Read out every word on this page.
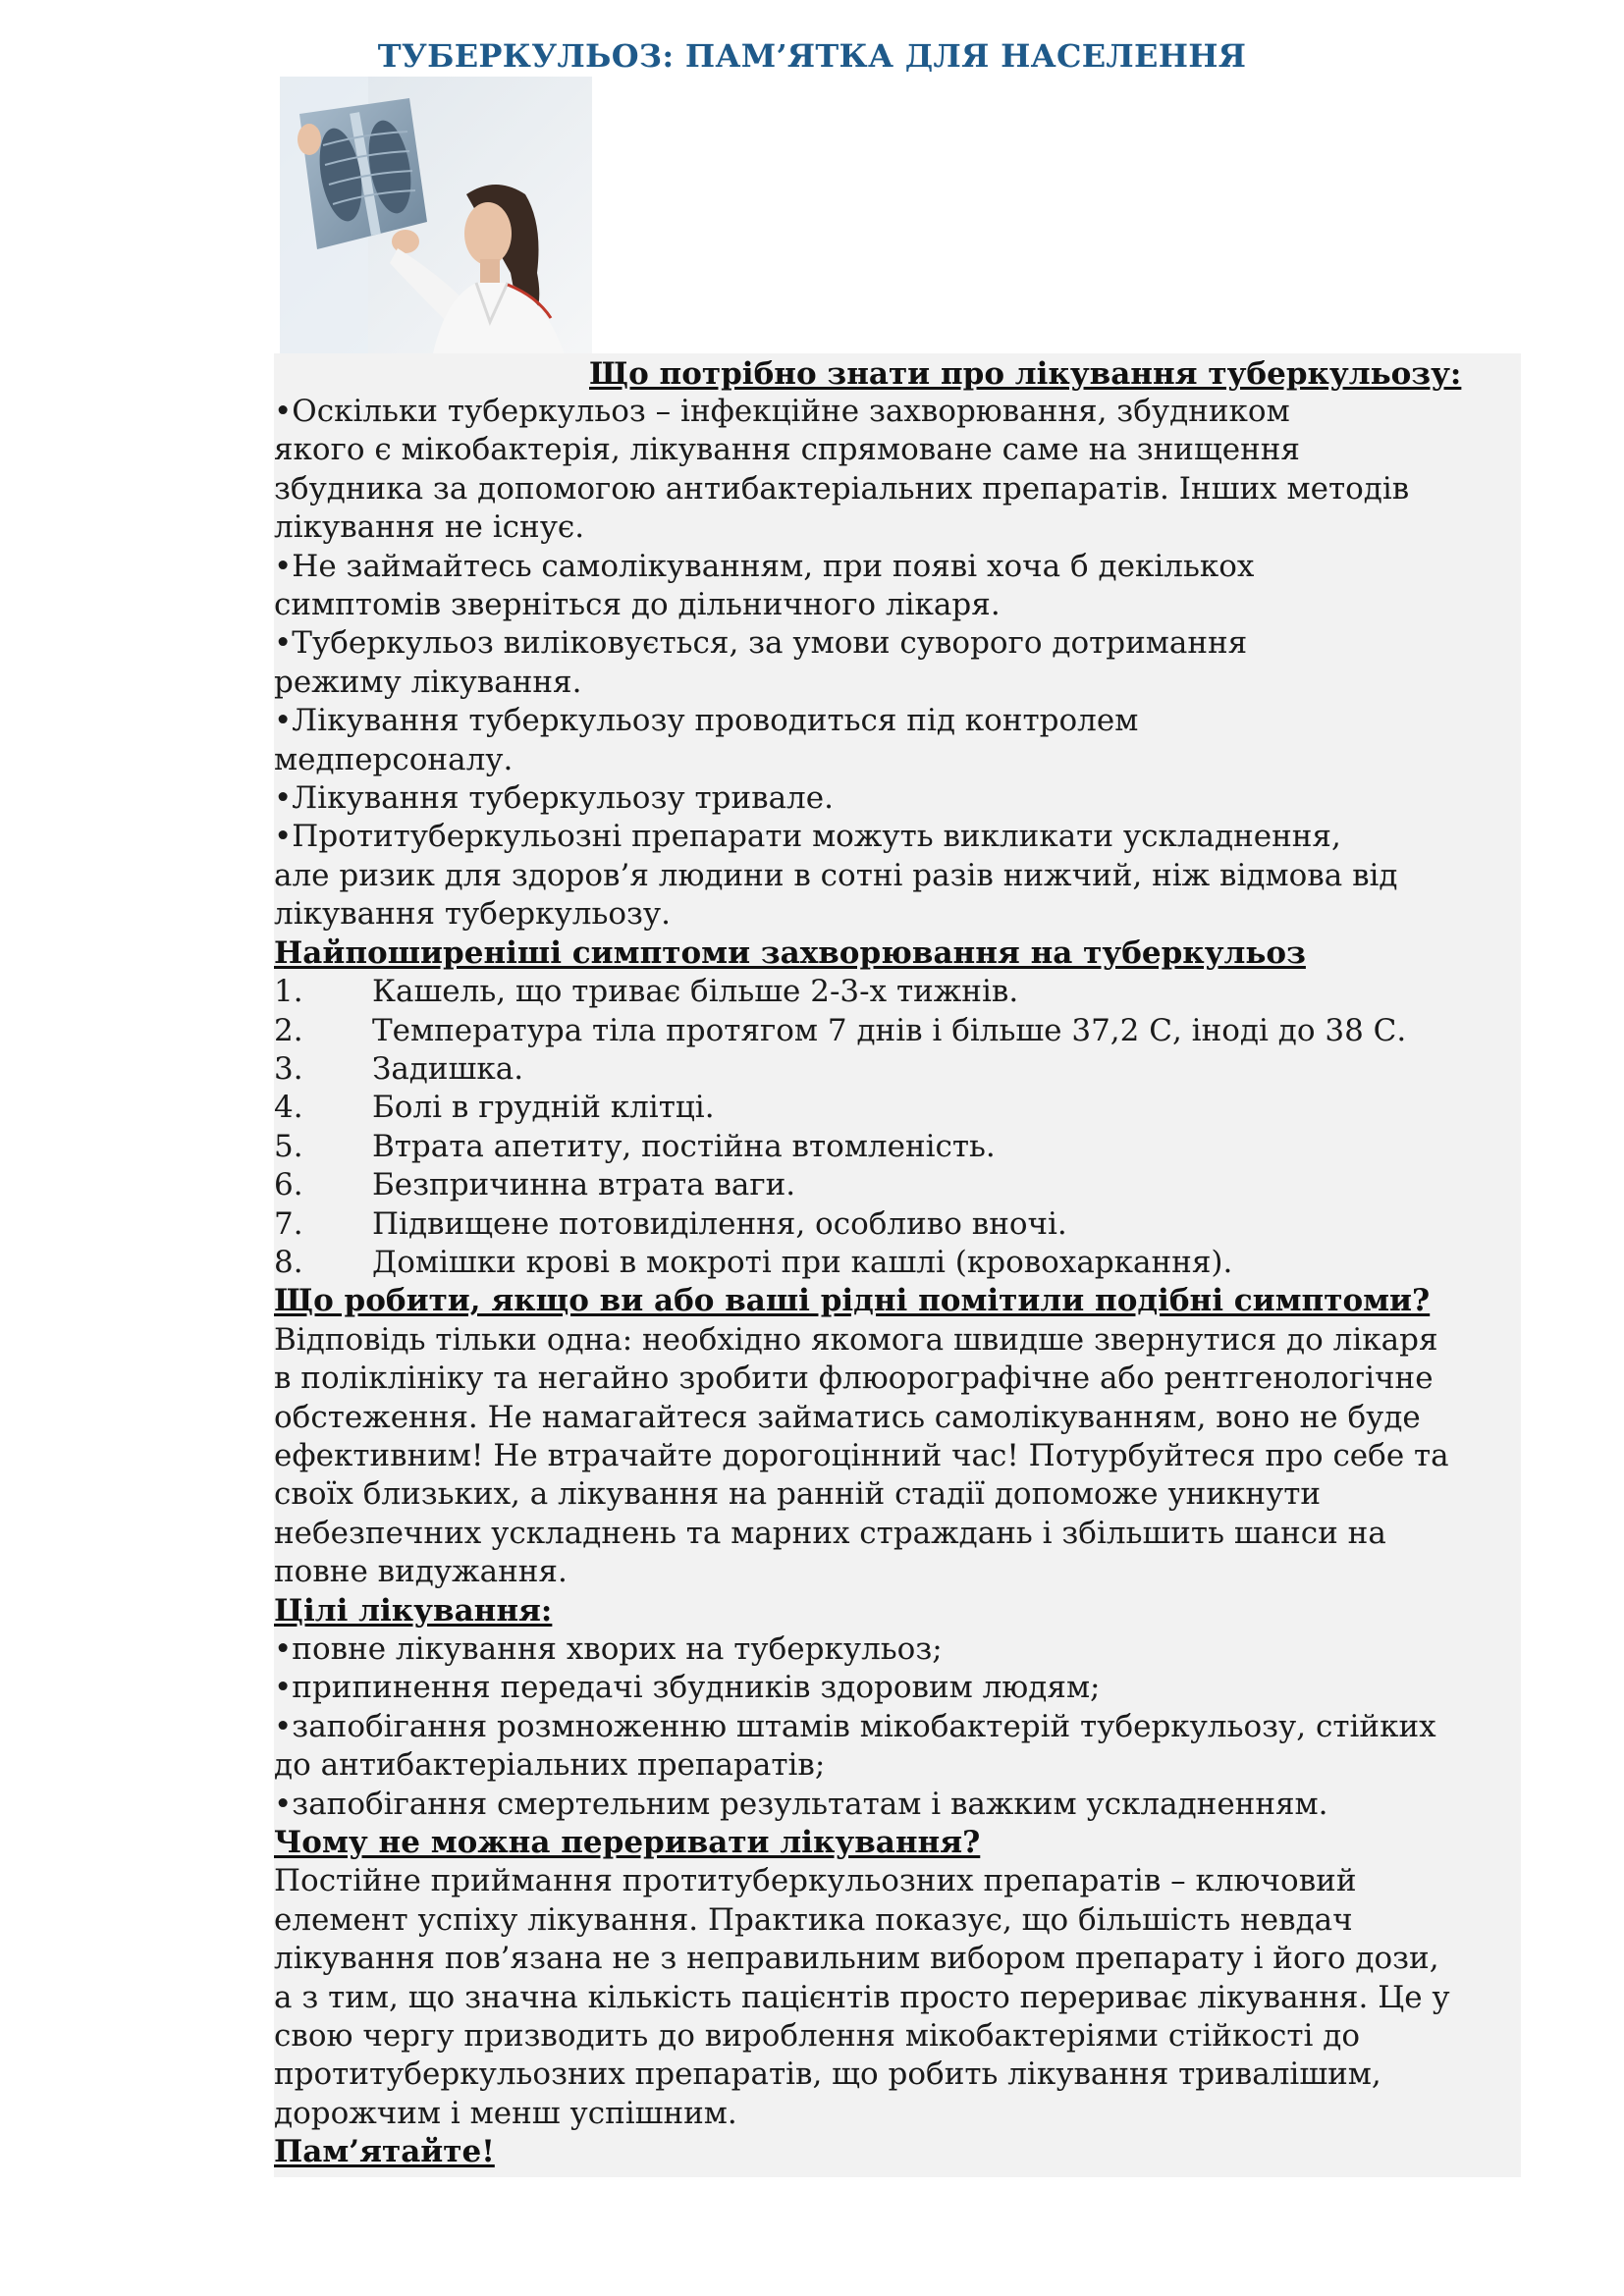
ТУБЕРКУЛЬОЗ: ПАМ’ЯТКА ДЛЯ НАСЕЛЕННЯ
Що потрібно знати про лікування туберкульозу:

•Оскільки туберкульоз – інфекційне захворювання, збудником

якого є мікобактерія, лікування спрямоване саме на знищення

збудника за допомогою антибактеріальних препаратів. Інших методів

лікування не існує.

•Не займайтесь самолікуванням, при появі хоча б декількох

симптомів зверніться до дільничного лікаря.

•Туберкульоз виліковується, за умови суворого дотримання

режиму лікування.

•Лікування туберкульозу проводиться під контролем

медперсоналу.

•Лікування туберкульозу тривале.

•Протитуберкульозні препарати можуть викликати ускладнення,

але ризик для здоров’я людини в сотні разів нижчий, ніж відмова від

лікування туберкульозу.

Найпоширеніші симптоми захворювання на туберкульоз

1. Кашель, що триває більше 2-3-х тижнів.

2. Температура тіла протягом 7 днів і більше 37,2 С, іноді до 38 С.

3. Задишка.

4. Болі в грудній клітці.

5. Втрата апетиту, постійна втомленість.

6. Безпричинна втрата ваги.

7. Підвищене потовиділення, особливо вночі.

8. Домішки крові в мокроті при кашлі (кровохаркання).

Що робити, якщо ви або ваші рідні помітили подібні симптоми?

Відповідь тільки одна: необхідно якомога швидше звернутися до лікаря

в поліклініку та негайно зробити флюорографічне або рентгенологічне

обстеження. Не намагайтеся займатись самолікуванням, воно не буде

ефективним! Не втрачайте дорогоцінний час! Потурбуйтеся про себе та

своїх близьких, а лікування на ранній стадії допоможе уникнути

небезпечних ускладнень та марних страждань і збільшить шанси на

повне видужання.

Цілі лікування:

•повне лікування хворих на туберкульоз;

•припинення передачі збудників здоровим людям;

•запобігання розмноженню штамів мікобактерій туберкульозу, стійких

до антибактеріальних препаратів;

•запобігання смертельним результатам і важким ускладненням.

Чому не можна переривати лікування?

Постійне приймання протитуберкульозних препаратів – ключовий

елемент успіху лікування. Практика показує, що більшість невдач

лікування пов’язана не з неправильним вибором препарату і його дози,

а з тим, що значна кількість пацієнтів просто перериває лікування. Це у

свою чергу призводить до вироблення мікобактеріями стійкості до

протитуберкульозних препаратів, що робить лікування тривалішим,

дорожчим і менш успішним.

Пам’ятайте!
